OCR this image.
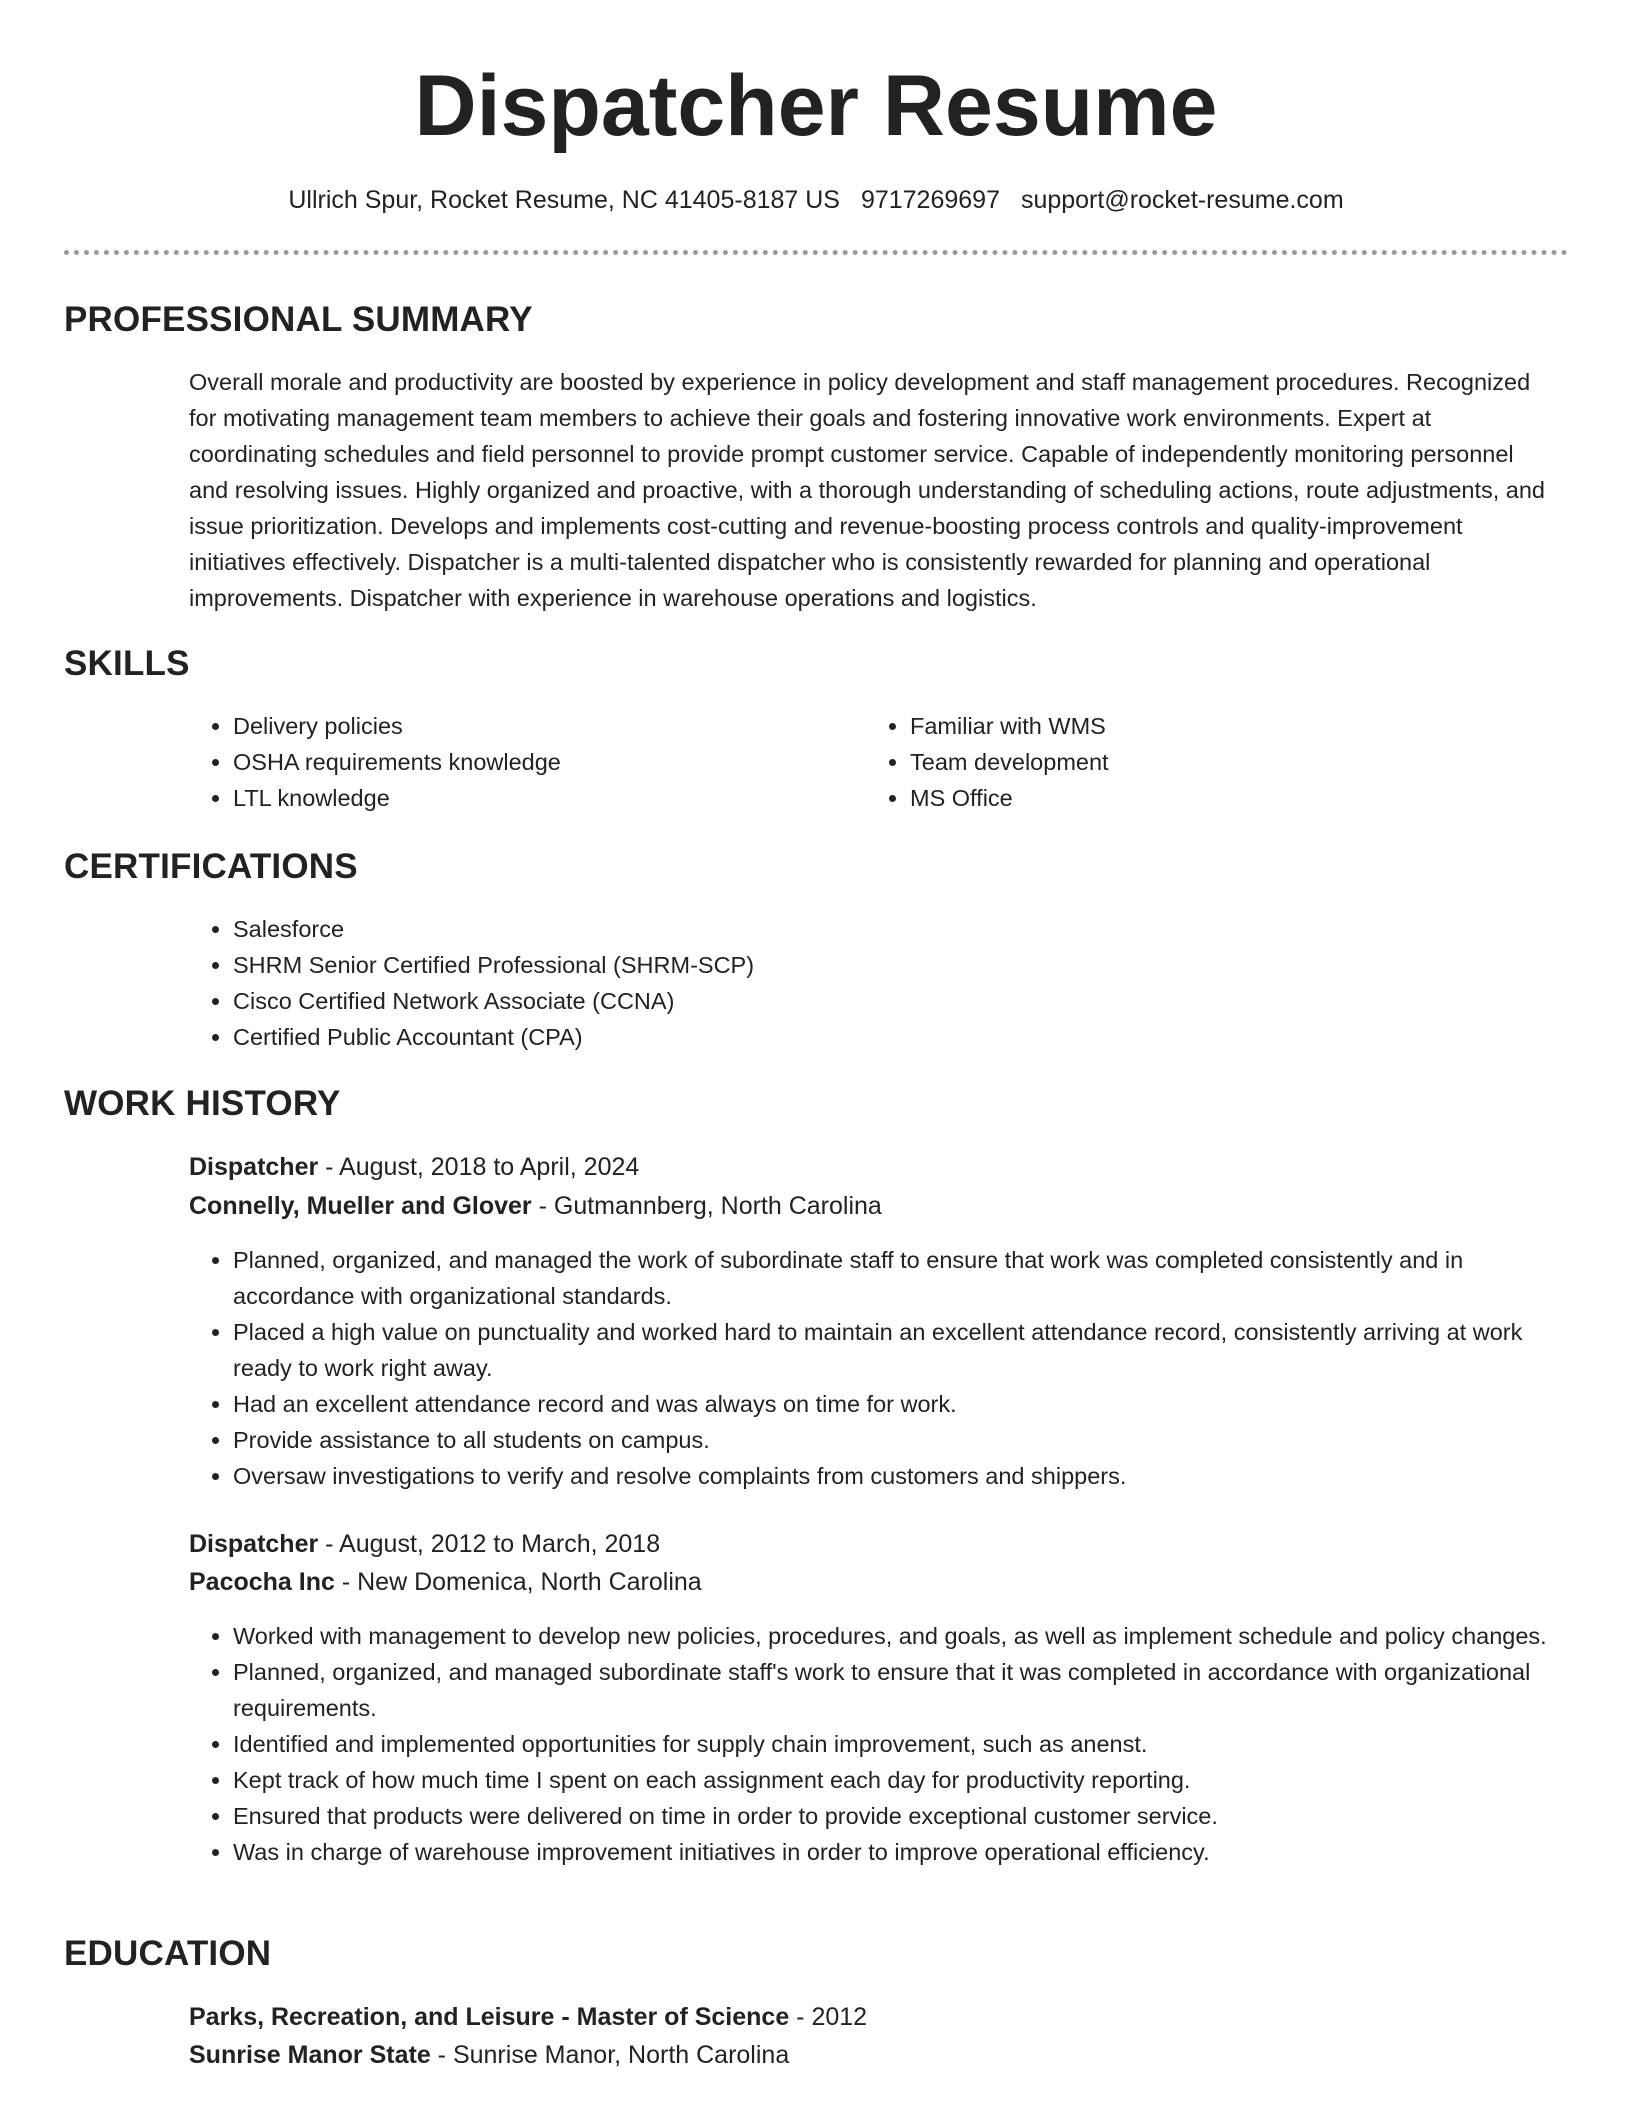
Dispatcher Resume
Ullrich Spur, Rocket Resume, NC 41405-8187 US 9717269697 support@rocket-resume.com
PROFESSIONAL SUMMARY

Overall morale and productivity are boosted by experience in policy development and staff management procedures. Recognized for motivating management team members to achieve their goals and fostering innovative work environments. Expert at coordinating schedules and field personnel to provide prompt customer service. Capable of independently monitoring personnel and resolving issues. Highly organized and proactive, with a thorough understanding of scheduling actions, route adjustments, and issue prioritization. Develops and implements cost-cutting and revenue-boosting process controls and quality-improvement initiatives effectively. Dispatcher is a multi-talented dispatcher who is consistently rewarded for planning and operational improvements. Dispatcher with experience in warehouse operations and logistics.

SKILLS
• Delivery policies
• OSHA requirements knowledge
• LTL knowledge
• Familiar with WMS
• Team development
• MS Office
CERTIFICATIONS
• Salesforce
• SHRM Senior Certified Professional (SHRM-SCP)
• Cisco Certified Network Associate (CCNA)
• Certified Public Accountant (CPA)
WORK HISTORY
Dispatcher - August, 2018 to April, 2024
Connelly, Mueller and Glover - Gutmannberg, North Carolina
• Planned, organized, and managed the work of subordinate staff to ensure that work was completed consistently and in accordance with organizational standards.
• Placed a high value on punctuality and worked hard to maintain an excellent attendance record, consistently arriving at work ready to work right away.
• Had an excellent attendance record and was always on time for work.
• Provide assistance to all students on campus.
• Oversaw investigations to verify and resolve complaints from customers and shippers.
Dispatcher - August, 2012 to March, 2018
Pacocha Inc - New Domenica, North Carolina
• Worked with management to develop new policies, procedures, and goals, as well as implement schedule and policy changes.
• Planned, organized, and managed subordinate staff's work to ensure that it was completed in accordance with organizational requirements.
• Identified and implemented opportunities for supply chain improvement, such as anenst.
• Kept track of how much time I spent on each assignment each day for productivity reporting.
• Ensured that products were delivered on time in order to provide exceptional customer service.
• Was in charge of warehouse improvement initiatives in order to improve operational efficiency.
EDUCATION
Parks, Recreation, and Leisure - Master of Science - 2012
Sunrise Manor State - Sunrise Manor, North Carolina
